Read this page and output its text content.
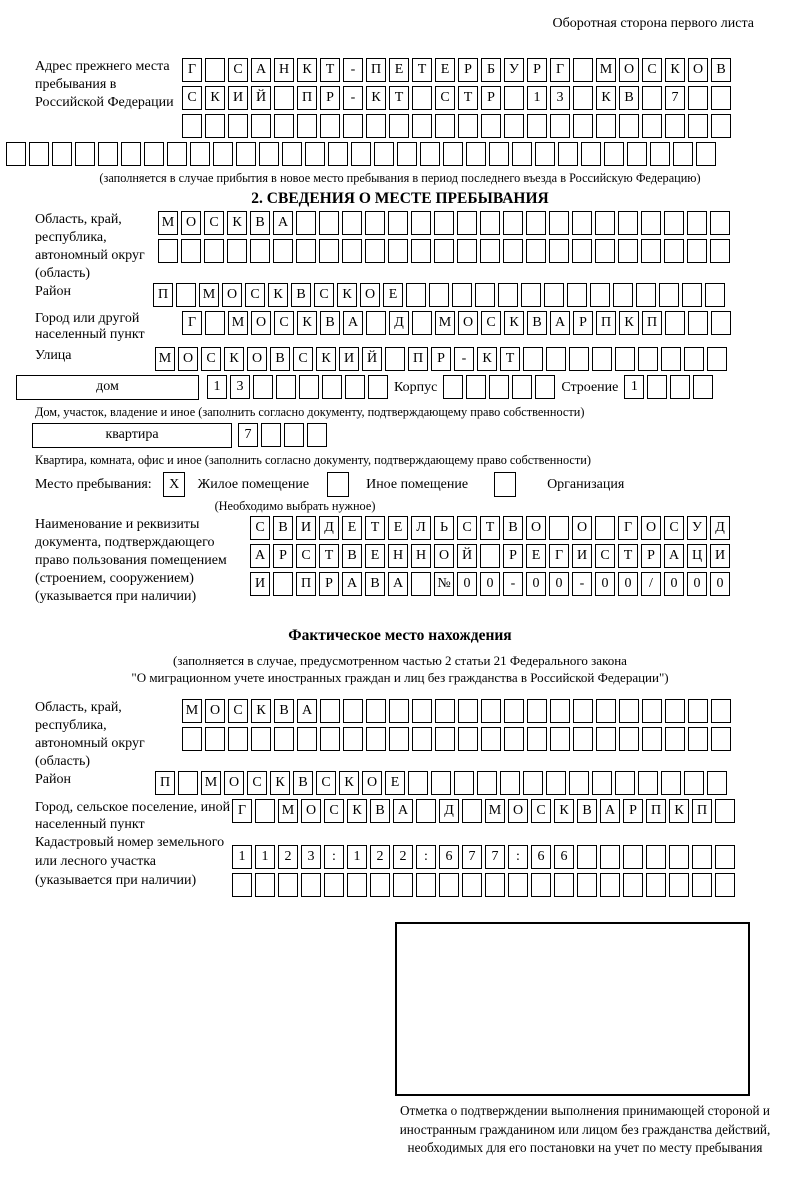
Оборотная сторона первого листа
Адрес прежнего места пребывания в Российской Федерации
Г	С А Н К Т - П Е Т Е Р Б У Р Г	М О С К О В
С К И Й	П Р - К Т	С Т Р	1 3	К В	7
(заполняется в случае прибытия в новое место пребывания в период последнего въезда в Российскую Федерацию)
2. СВЕДЕНИЯ О МЕСТЕ ПРЕБЫВАНИЯ
Область, край, республика, автономный округ (область)
М О С К В А
Район	П М О С К В С К О Е
Город или другой населенный пункт
Г	М О С К В А	Д М О С К В А Р П К П
Улица	М О С К О В С К И Й	П Р - К Т
дом	1 3	Корпус	Строение 1
Дом, участок, владение и иное (заполнить согласно документу, подтверждающему право собственности)
квартира	7
Квартира, комната, офис и иное (заполнить согласно документу, подтверждающему право собственности)
Место пребывания: X Жилое помещение	Иное помещение	Организация
(Необходимо выбрать нужное)
Наименование и реквизиты документа, подтверждающего право пользования помещением (строением, сооружением) (указывается при наличии)
С В И Д Е Т Е Л Ь С Т В О	О	Г О С У Д
А Р С Т В Е Н Н О Й	Р Е Г И С Т Р А Ц И
И	П Р А В А № 0 0 - 0 0 - 0 0 / 0 0 0
Фактическое место нахождения
(заполняется в случае, предусмотренном частью 2 статьи 21 Федерального закона
"О миграционном учете иностранных граждан и лиц без гражданства в Российской Федерации")
Область, край, республика, автономный округ (область)
М О С К В А
Район	П М О С К В С К О Е
Город, сельское поселение, иной населенный пункт
Г	М О С К В А	Д М О С К В А Р П К П
Кадастровый номер земельного или лесного участка (указывается при наличии)
1 1 2 3 : 1 2 2 : 6 7 7 : 6 6
Отметка о подтверждении выполнения принимающей стороной и иностранным гражданином или лицом без гражданства действий, необходимых для его постановки на учет по месту пребывания
